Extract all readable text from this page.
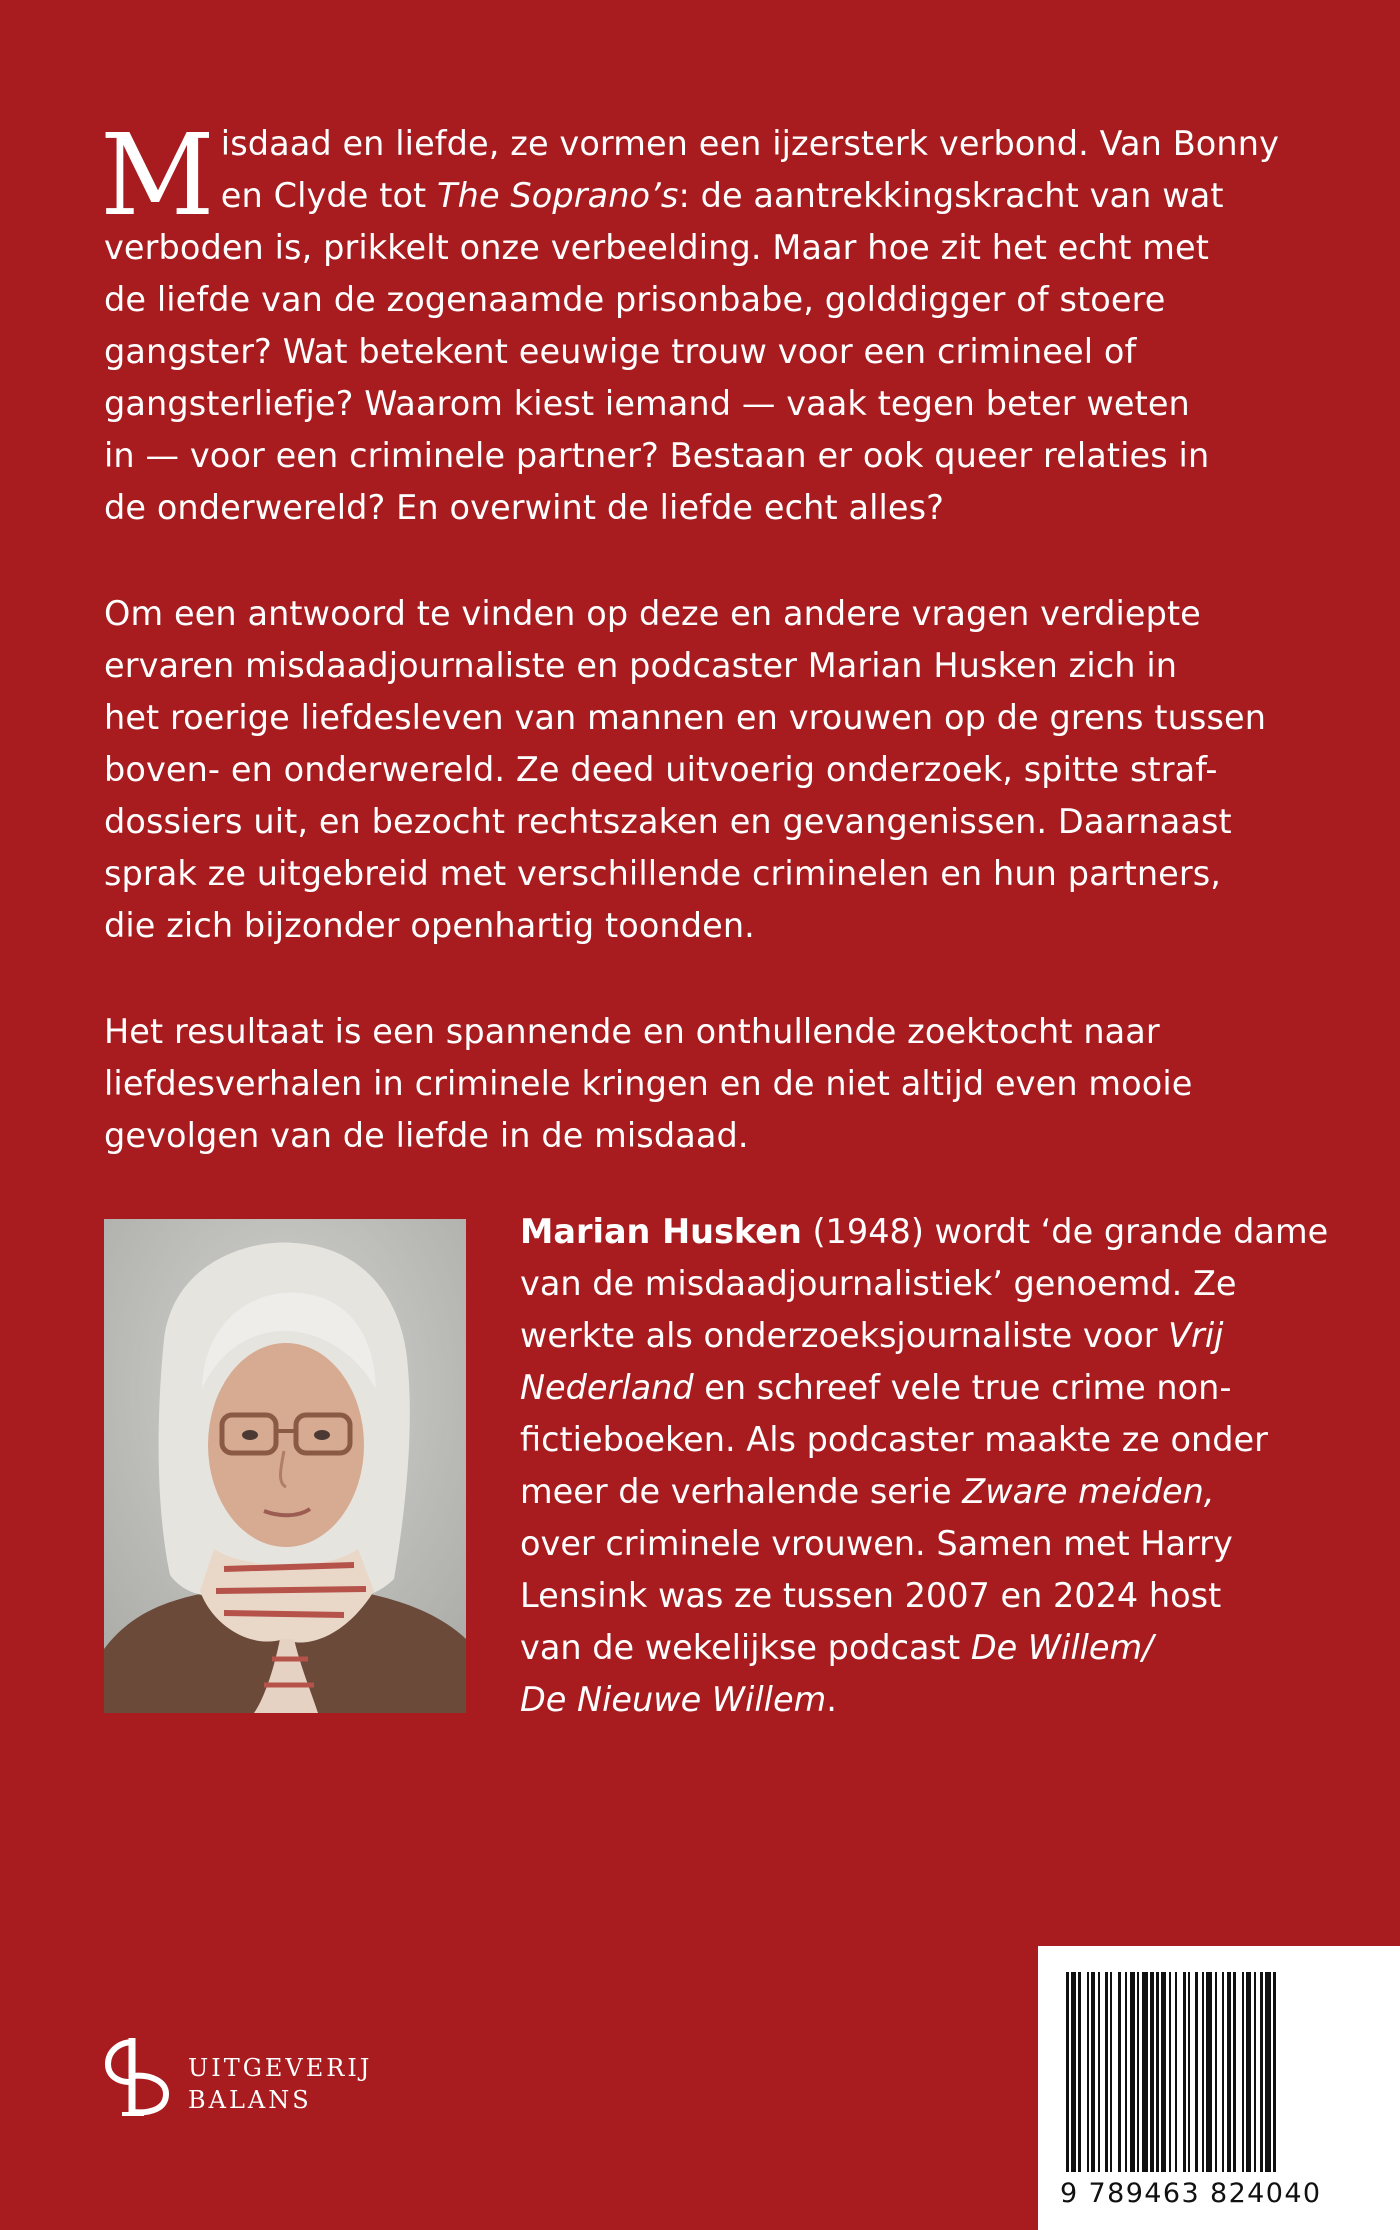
M isdaad en liefde, ze vormen een ijzersterk verbond. Van Bonny
en Clyde tot The Soprano’s: de aantrekkingskracht van wat
verboden is, prikkelt onze verbeelding. Maar hoe zit het echt met
de liefde van de zogenaamde prisonbabe, golddigger of stoere
gangster? Wat betekent eeuwige trouw voor een crimineel of
gangsterliefje? Waarom kiest iemand — vaak tegen beter weten
in — voor een criminele partner? Bestaan er ook queer relaties in
de onderwereld? En overwint de liefde echt alles?
Om een antwoord te vinden op deze en andere vragen verdiepte
ervaren misdaadjournaliste en podcaster Marian Husken zich in
het roerige liefdesleven van mannen en vrouwen op de grens tussen
boven- en onderwereld. Ze deed uitvoerig onderzoek, spitte straf-
dossiers uit, en bezocht rechtszaken en gevangenissen. Daarnaast
sprak ze uitgebreid met verschillende criminelen en hun partners,
die zich bijzonder openhartig toonden.
Het resultaat is een spannende en onthullende zoektocht naar
liefdesverhalen in criminele kringen en de niet altijd even mooie
gevolgen van de liefde in de misdaad.
Marian Husken (1948) wordt ‘de grande dame
van de misdaadjournalistiek’ genoemd. Ze
werkte als onderzoeksjournaliste voor Vrij
Nederland en schreef vele true crime non-
fictieboeken. Als podcaster maakte ze onder
meer de verhalende serie Zware meiden,
over criminele vrouwen. Samen met Harry
Lensink was ze tussen 2007 en 2024 host
van de wekelijkse podcast De Willem/
De Nieuwe Willem.
UITGEVERIJ
BALANS
9 789463 824040
